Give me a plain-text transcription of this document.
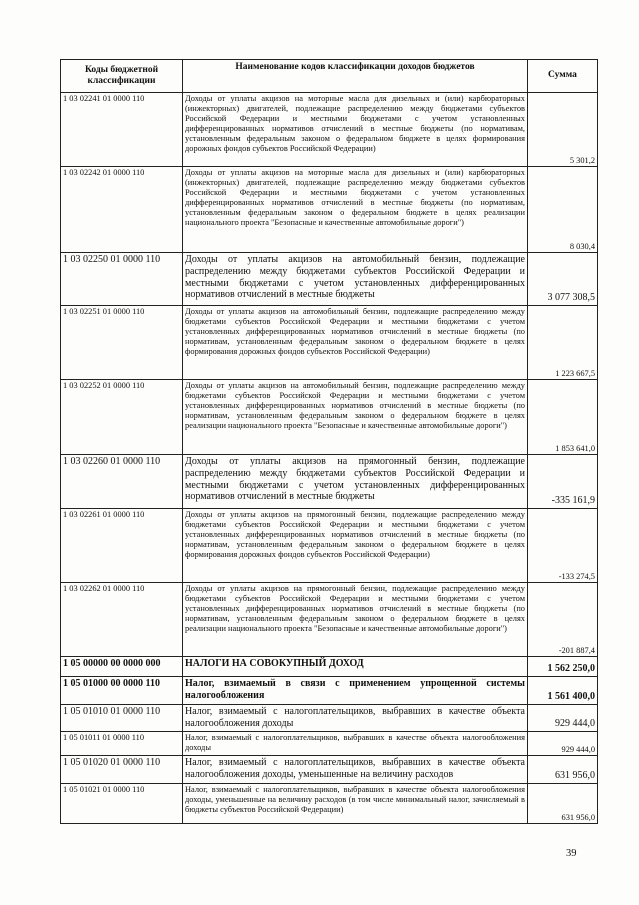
Коды бюджетной классификации	Наименование кодов классификации доходов бюджетов	Сумма
1 03 02241 01 0000 110	Доходы от уплаты акцизов на моторные масла для дизельных и (или) карбюраторных (инжекторных) двигателей, подлежащие распределению между бюджетами субъектов Российской Федерации и местными бюджетами с учетом установленных дифференцированных нормативов отчислений в местные бюджеты (по нормативам, установленным федеральным законом о федеральном бюджете в целях формирования дорожных фондов субъектов Российской Федерации)	5 301,2
1 03 02242 01 0000 110	Доходы от уплаты акцизов на моторные масла для дизельных и (или) карбюраторных (инжекторных) двигателей, подлежащие распределению между бюджетами субъектов Российской Федерации и местными бюджетами с учетом установленных дифференцированных нормативов отчислений в местные бюджеты (по нормативам, установленным федеральным законом о федеральном бюджете в целях реализации национального проекта "Безопасные и качественные автомобильные дороги")	8 030,4
1 03 02250 01 0000 110	Доходы от уплаты акцизов на автомобильный бензин, подлежащие распределению между бюджетами субъектов Российской Федерации и местными бюджетами с учетом установленных дифференцированных нормативов отчислений в местные бюджеты	3 077 308,5
1 03 02251 01 0000 110	Доходы от уплаты акцизов на автомобильный бензин, подлежащие распределению между бюджетами субъектов Российской Федерации и местными бюджетами с учетом установленных дифференцированных нормативов отчислений в местные бюджеты (по нормативам, установленным федеральным законом о федеральном бюджете в целях формирования дорожных фондов субъектов Российской Федерации)	1 223 667,5
1 03 02252 01 0000 110	Доходы от уплаты акцизов на автомобильный бензин, подлежащие распределению между бюджетами субъектов Российской Федерации и местными бюджетами с учетом установленных дифференцированных нормативов отчислений в местные бюджеты (по нормативам, установленным федеральным законом о федеральном бюджете в целях реализации национального проекта "Безопасные и качественные автомобильные дороги")	1 853 641,0
1 03 02260 01 0000 110	Доходы от уплаты акцизов на прямогонный бензин, подлежащие распределению между бюджетами субъектов Российской Федерации и местными бюджетами с учетом установленных дифференцированных нормативов отчислений в местные бюджеты	-335 161,9
1 03 02261 01 0000 110	Доходы от уплаты акцизов на прямогонный бензин, подлежащие распределению между бюджетами субъектов Российской Федерации и местными бюджетами с учетом установленных дифференцированных нормативов отчислений в местные бюджеты (по нормативам, установленным федеральным законом о федеральном бюджете в целях формирования дорожных фондов субъектов Российской Федерации)	-133 274,5
1 03 02262 01 0000 110	Доходы от уплаты акцизов на прямогонный бензин, подлежащие распределению между бюджетами субъектов Российской Федерации и местными бюджетами с учетом установленных дифференцированных нормативов отчислений в местные бюджеты (по нормативам, установленным федеральным законом о федеральном бюджете в целях реализации национального проекта "Безопасные и качественные автомобильные дороги")	-201 887,4
1 05 00000 00 0000 000	НАЛОГИ НА СОВОКУПНЫЙ ДОХОД	1 562 250,0
1 05 01000 00 0000 110	Налог, взимаемый в связи с применением упрощенной системы налогообложения	1 561 400,0
1 05 01010 01 0000 110	Налог, взимаемый с налогоплательщиков, выбравших в качестве объекта налогообложения доходы	929 444,0
1 05 01011 01 0000 110	Налог, взимаемый с налогоплательщиков, выбравших в качестве объекта налогообложения доходы	929 444,0
1 05 01020 01 0000 110	Налог, взимаемый с налогоплательщиков, выбравших в качестве объекта налогообложения доходы, уменьшенные на величину расходов	631 956,0
1 05 01021 01 0000 110	Налог, взимаемый с налогоплательщиков, выбравших в качестве объекта налогообложения доходы, уменьшенные на величину расходов (в том числе минимальный налог, зачисляемый в бюджеты субъектов Российской Федерации)	631 956,0
39
